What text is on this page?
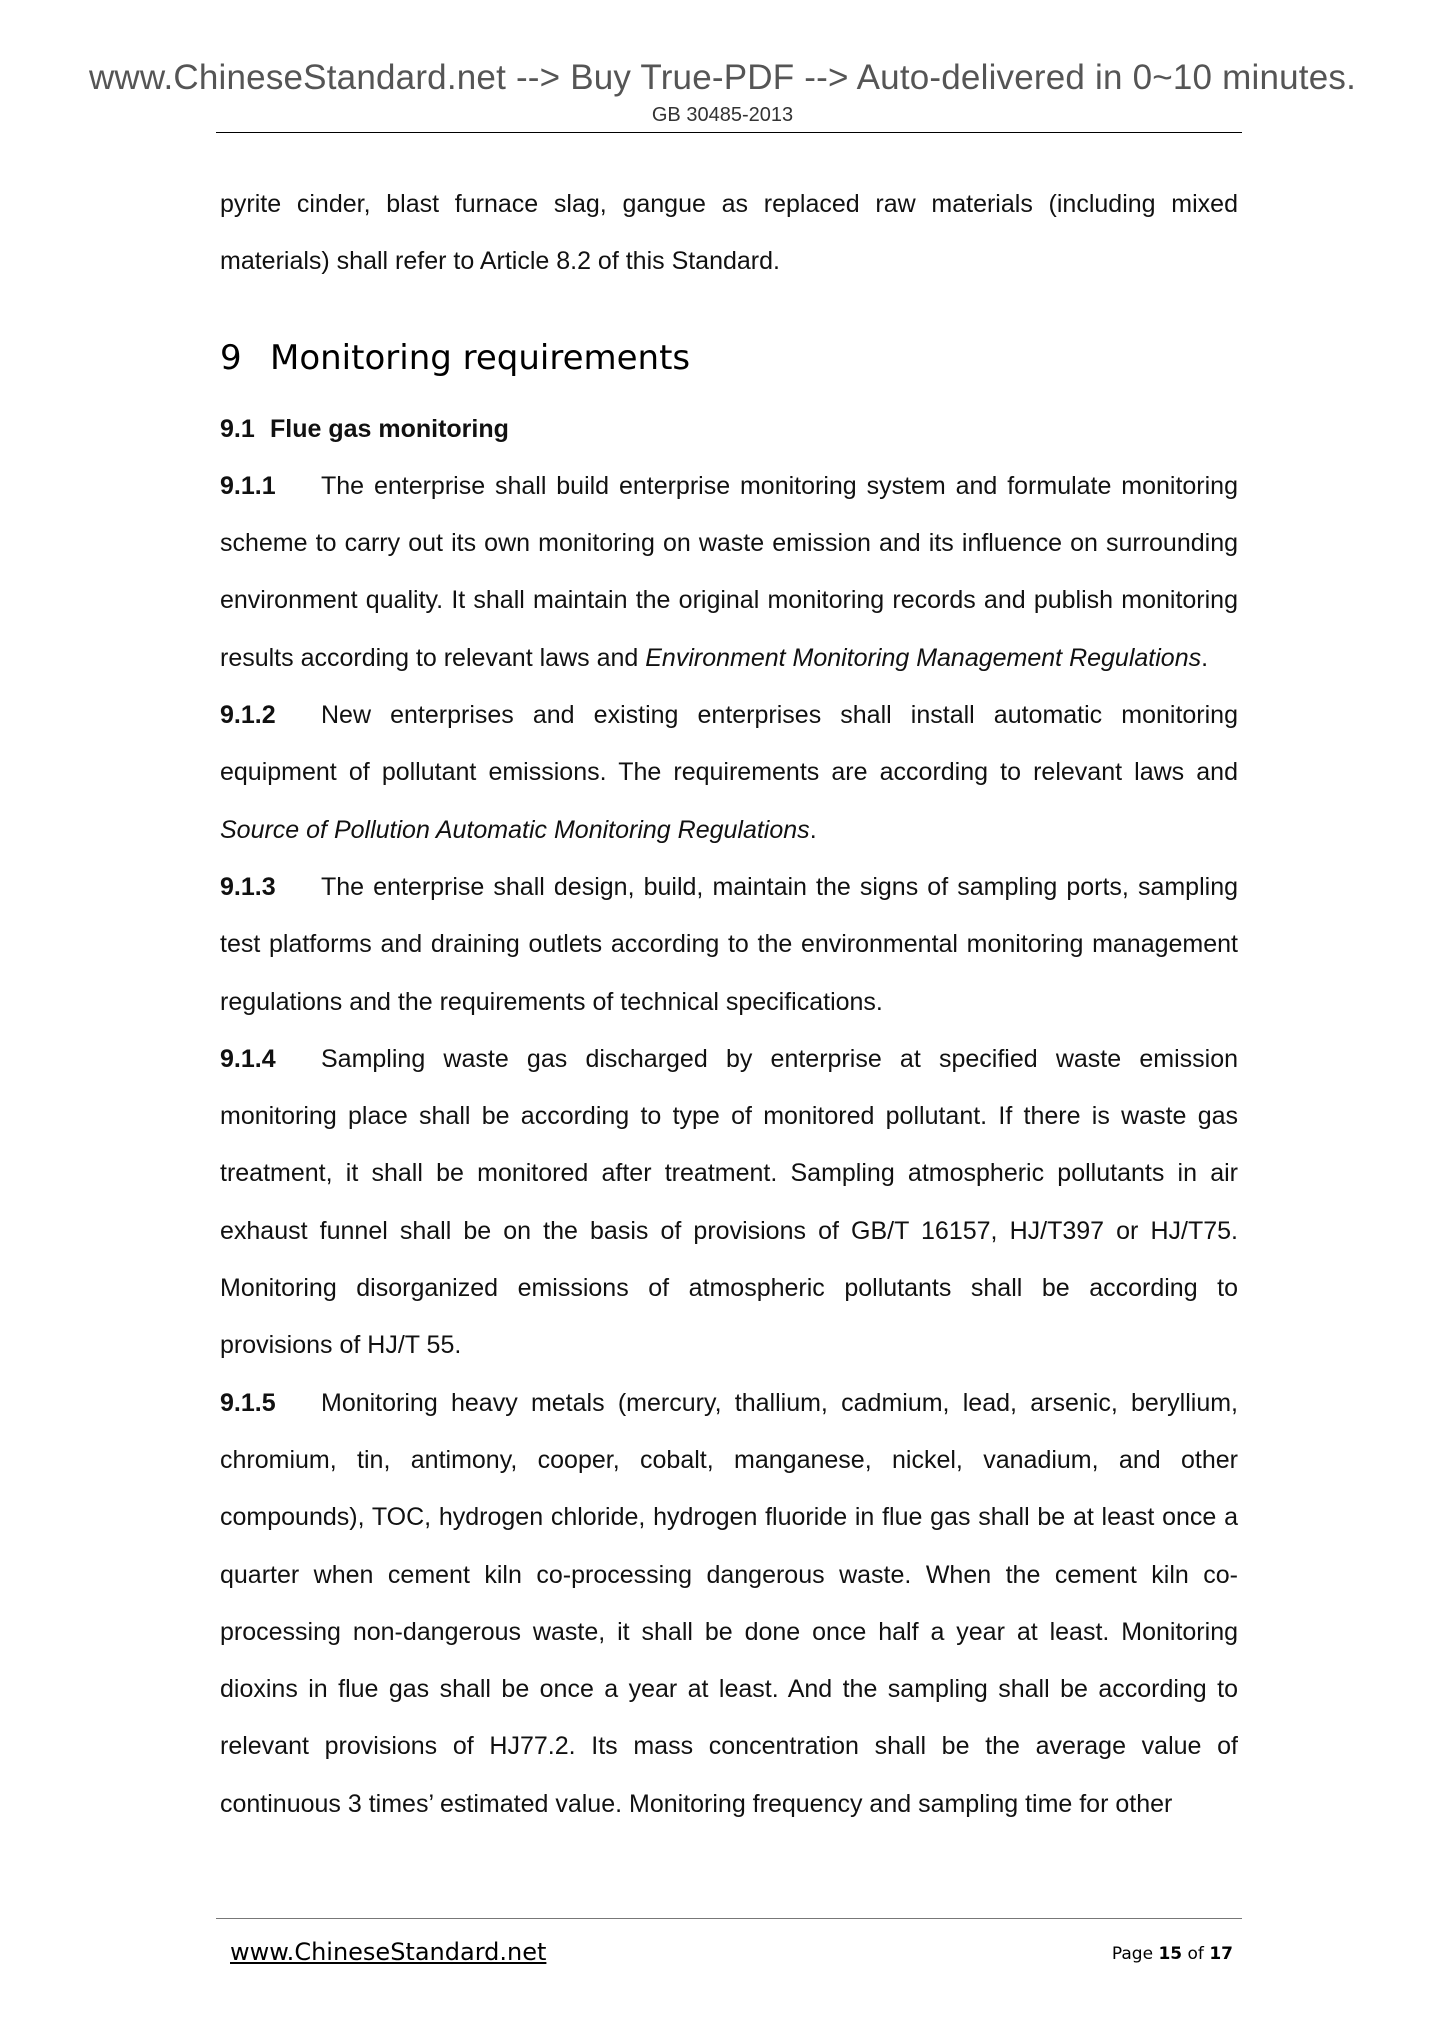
www.ChineseStandard.net --> Buy True-PDF --> Auto-delivered in 0~10 minutes.
GB 30485-2013

pyrite cinder, blast furnace slag, gangue as replaced raw materials (including mixed materials) shall refer to Article 8.2 of this Standard.

9 Monitoring requirements

9.1 Flue gas monitoring

9.1.1 The enterprise shall build enterprise monitoring system and formulate monitoring scheme to carry out its own monitoring on waste emission and its influence on surrounding environment quality. It shall maintain the original monitoring records and publish monitoring results according to relevant laws and Environment Monitoring Management Regulations.

9.1.2 New enterprises and existing enterprises shall install automatic monitoring equipment of pollutant emissions. The requirements are according to relevant laws and Source of Pollution Automatic Monitoring Regulations.

9.1.3 The enterprise shall design, build, maintain the signs of sampling ports, sampling test platforms and draining outlets according to the environmental monitoring management regulations and the requirements of technical specifications.

9.1.4 Sampling waste gas discharged by enterprise at specified waste emission monitoring place shall be according to type of monitored pollutant. If there is waste gas treatment, it shall be monitored after treatment. Sampling atmospheric pollutants in air exhaust funnel shall be on the basis of provisions of GB/T 16157, HJ/T397 or HJ/T75. Monitoring disorganized emissions of atmospheric pollutants shall be according to provisions of HJ/T 55.

9.1.5 Monitoring heavy metals (mercury, thallium, cadmium, lead, arsenic, beryllium, chromium, tin, antimony, cooper, cobalt, manganese, nickel, vanadium, and other compounds), TOC, hydrogen chloride, hydrogen fluoride in flue gas shall be at least once a quarter when cement kiln co-processing dangerous waste. When the cement kiln co-processing non-dangerous waste, it shall be done once half a year at least. Monitoring dioxins in flue gas shall be once a year at least. And the sampling shall be according to relevant provisions of HJ77.2. Its mass concentration shall be the average value of continuous 3 times’ estimated value. Monitoring frequency and sampling time for other

www.ChineseStandard.net	Page 15 of 17
